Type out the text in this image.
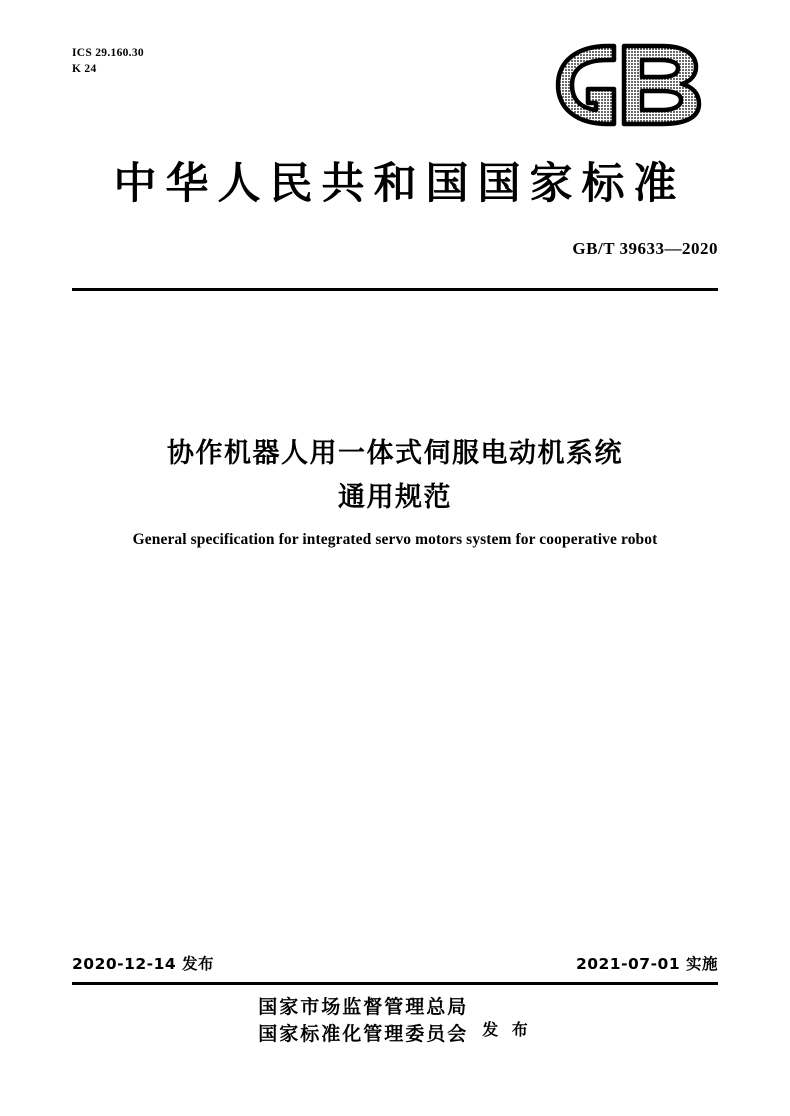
ICS 29.160.30
K 24
中华人民共和国国家标准
GB/T 39633—2020
协作机器人用一体式伺服电动机系统
通用规范
General specification for integrated servo motors system for cooperative robot
2020-12-14 发布	2021-07-01 实施
国家市场监督管理总局
国家标准化管理委员会 发 布
